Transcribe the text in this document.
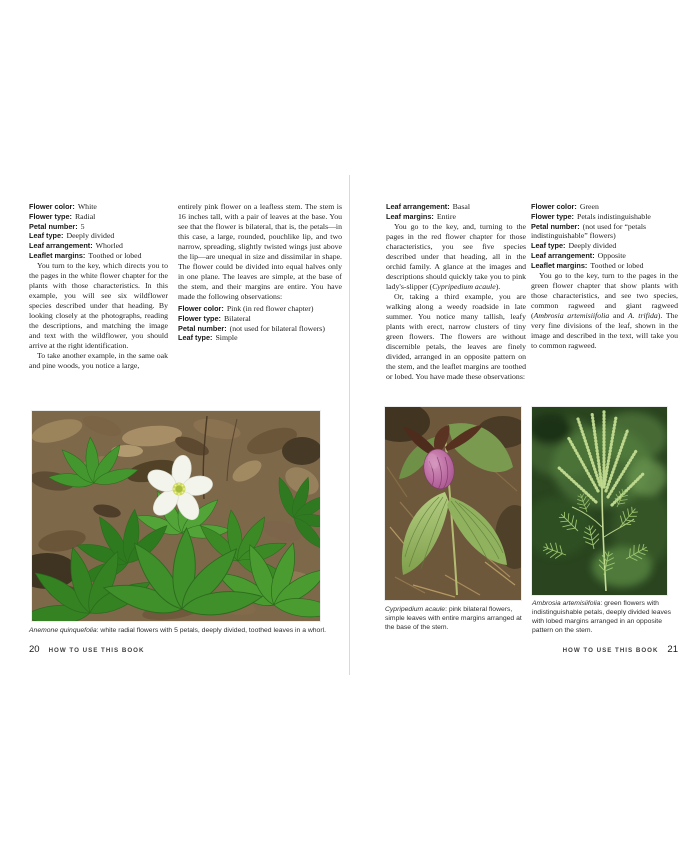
Flower color: White

Flower type: Radial

Petal number: 5

Leaf type: Deeply divided

Leaf arrangement: Whorled

Leaflet margins: Toothed or lobed

You turn to the key, which directs you to the pages in the white flower chapter for the plants with those characteristics. In this example, you will see six wildflower species described under that heading. By looking closely at the photographs, reading the descriptions, and matching the image and text with the wildflower, you should arrive at the right identification.

To take another example, in the same oak and pine woods, you notice a large,

entirely pink flower on a leafless stem. The stem is 16 inches tall, with a pair of leaves at the base. You see that the flower is bilateral, that is, the petals—in this case, a large, rounded, pouchlike lip, and two narrow, spreading, slightly twisted wings just above the lip—are unequal in size and dissimilar in shape. The flower could be divided into equal halves only in one plane. The leaves are simple, at the base of the stem, and their margins are entire. You have made the following observations:

Flower color: Pink (in red flower chapter)

Flower type: Bilateral

Petal number: (not used for bilateral flowers)

Leaf type: Simple

Anemone quinquefolia: white radial flowers with 5 petals, deeply divided, toothed leaves in a whorl.
20 HOW TO USE THIS BOOK

Leaf arrangement: Basal

Leaf margins: Entire

You go to the key, and, turning to the pages in the red flower chapter for those characteristics, you see five species described under that heading, all in the orchid family. A glance at the images and descriptions should quickly take you to pink lady's-slipper (Cypripedium acaule).

Or, taking a third example, you are walking along a weedy roadside in late summer. You notice many tallish, leafy plants with erect, narrow clusters of tiny green flowers. The flowers are without discernible petals, the leaves are finely divided, arranged in an opposite pattern on the stem, and the leaflet margins are toothed or lobed. You have made these observations:

Flower color: Green

Flower type: Petals indistinguishable

Petal number: (not used for “petals indistinguishable” flowers)

Leaf type: Deeply divided

Leaf arrangement: Opposite

Leaflet margins: Toothed or lobed

You go to the key, turn to the pages in the green flower chapter that show plants with those characteristics, and see two species, common ragweed and giant ragweed (Ambrosia artemisiifolia and A. trifida). The very fine divisions of the leaf, shown in the image and described in the text, will take you to common ragweed.

Cypripedium acaule: pink bilateral flowers, simple leaves with entire margins arranged at the base of the stem.
Ambrosia artemisiifolia: green flowers with indistinguishable petals, deeply divided leaves with lobed margins arranged in an opposite pattern on the stem.
HOW TO USE THIS BOOK 21
